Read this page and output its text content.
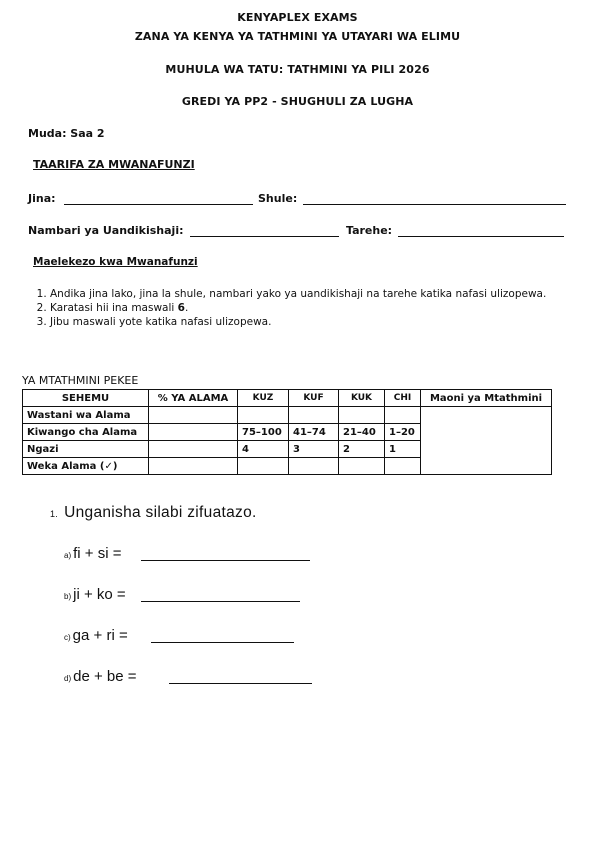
KENYAPLEX EXAMS
ZANA YA KENYA YA TATHMINI YA UTAYARI WA ELIMU
MUHULA WA TATU: TATHMINI YA PILI 2026
GREDI YA PP2 - SHUGHULI ZA LUGHA
Muda: Saa 2
TAARIFA ZA MWANAFUNZI
Jina:	Shule:
Nambari ya Uandikishaji:	Tarehe:
Maelekezo kwa Mwanafunzi
1. Andika jina lako, jina la shule, nambari yako ya uandikishaji na tarehe katika nafasi ulizopewa.
2. Karatasi hii ina maswali 6.
3. Jibu maswali yote katika nafasi ulizopewa.
YA MTATHMINI PEKEE
SEHEMU	% YA ALAMA	KUZ	KUF	KUK	CHI	Maoni ya Mtathmini
Wastani wa Alama						
Kiwango cha Alama		75–100	41–74	21–40	1–20	
Ngazi		4	3	2	1	
Weka Alama (✓)						
1. Unganisha silabi zifuatazo.
a) fi + si =
b) ji + ko =
c) ga + ri =
d) de + be =
